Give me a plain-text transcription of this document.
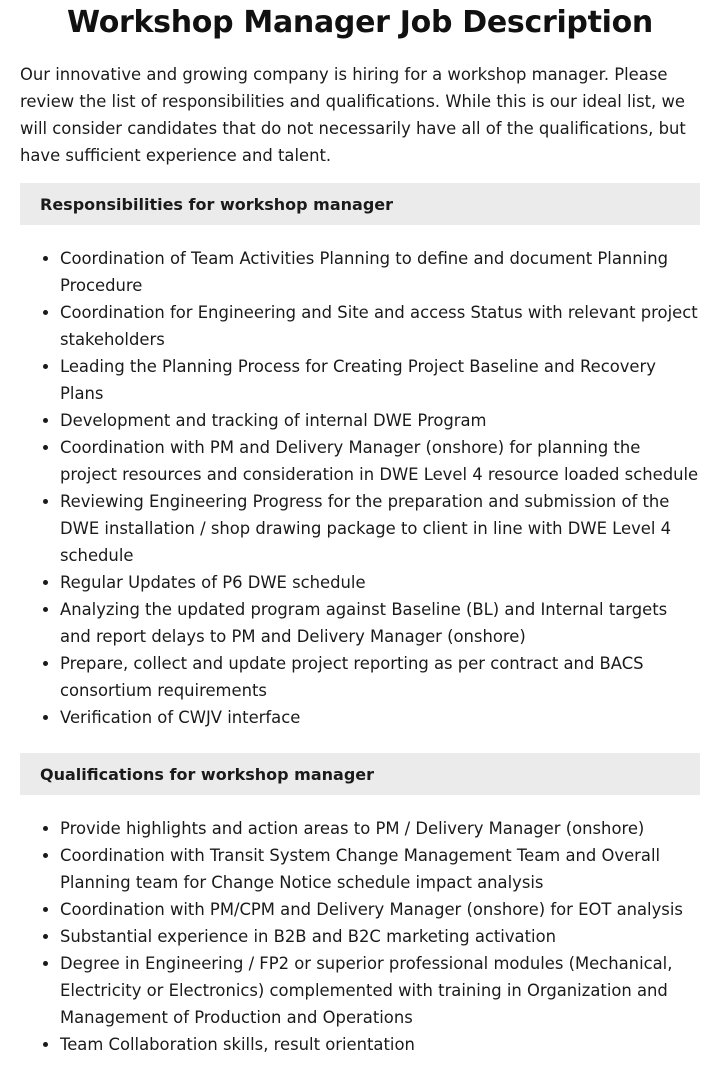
Workshop Manager Job Description

Our innovative and growing company is hiring for a workshop manager. Please review the list of responsibilities and qualifications. While this is our ideal list, we will consider candidates that do not necessarily have all of the qualifications, but have sufficient experience and talent.

Responsibilities for workshop manager
Coordination of Team Activities Planning to define and document Planning Procedure
Coordination for Engineering and Site and access Status with relevant project stakeholders
Leading the Planning Process for Creating Project Baseline and Recovery Plans
Development and tracking of internal DWE Program
Coordination with PM and Delivery Manager (onshore) for planning the project resources and consideration in DWE Level 4 resource loaded schedule
Reviewing Engineering Progress for the preparation and submission of the DWE installation / shop drawing package to client in line with DWE Level 4 schedule
Regular Updates of P6 DWE schedule
Analyzing the updated program against Baseline (BL) and Internal targets and report delays to PM and Delivery Manager (onshore)
Prepare, collect and update project reporting as per contract and BACS consortium requirements
Verification of CWJV interface
Qualifications for workshop manager
Provide highlights and action areas to PM / Delivery Manager (onshore)
Coordination with Transit System Change Management Team and Overall Planning team for Change Notice schedule impact analysis
Coordination with PM/CPM and Delivery Manager (onshore) for EOT analysis
Substantial experience in B2B and B2C marketing activation
Degree in Engineering / FP2 or superior professional modules (Mechanical, Electricity or Electronics) complemented with training in Organization and Management of Production and Operations
Team Collaboration skills, result orientation
